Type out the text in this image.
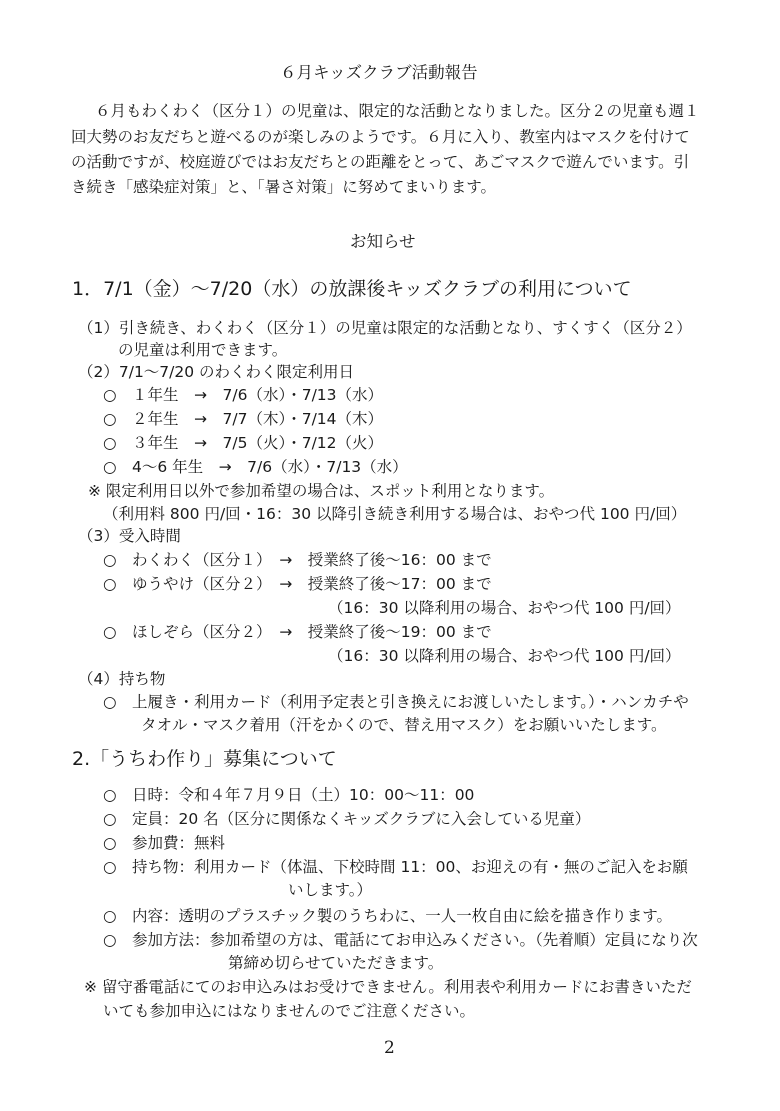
６月キッズクラブ活動報告
６月もわくわく（区分１）の児童は、限定的な活動となりました。区分２の児童も週１
回大勢のお友だちと遊べるのが楽しみのようです。６月に入り、教室内はマスクを付けて
の活動ですが、校庭遊びではお友だちとの距離をとって、あごマスクで遊んでいます。引
き続き「感染症対策」と、「暑さ対策」に努めてまいります。
お知らせ
1．7/1（金）～7/20（水）の放課後キッズクラブの利用について
（1）引き続き、わくわく（区分１）の児童は限定的な活動となり、すくすく（区分２）
の児童は利用できます。
（2）7/1～7/20 のわくわく限定利用日
○　１年生　→　7/6（水）・7/13（水）
○　２年生　→　7/7（木）・7/14（木）
○　３年生　→　7/5（火）・7/12（火）
○　4～6 年生　→　7/6（水）・7/13（水）
※ 限定利用日以外で参加希望の場合は、スポット利用となります。
（利用料 800 円/回・16：30 以降引き続き利用する場合は、おやつ代 100 円/回）
（3）受入時間
○　わくわく（区分１）　→　授業終了後～16：00 まで
○　ゆうやけ（区分２）　→　授業終了後～17：00 まで
（16：30 以降利用の場合、おやつ代 100 円/回）
○　ほしぞら（区分２）　→　授業終了後～19：00 まで
（16：30 以降利用の場合、おやつ代 100 円/回）
（4）持ち物
○　上履き・利用カード（利用予定表と引き換えにお渡しいたします。）・ハンカチや
タオル・マスク着用（汗をかくので、替え用マスク）をお願いいたします。
2.「うちわ作り」募集について
○　日時：令和４年７月９日（土）10：00～11：00
○　定員：20 名（区分に関係なくキッズクラブに入会している児童）
○　参加費：無料
○　持ち物：利用カード（体温、下校時間 11：00、お迎えの有・無のご記入をお願
いします。）
○　内容：透明のプラスチック製のうちわに、一人一枚自由に絵を描き作ります。
○　参加方法：参加希望の方は、電話にてお申込みください。（先着順）定員になり次
第締め切らせていただきます。
※ 留守番電話にてのお申込みはお受けできません。利用表や利用カードにお書きいただ
いても参加申込にはなりませんのでご注意ください。
2
